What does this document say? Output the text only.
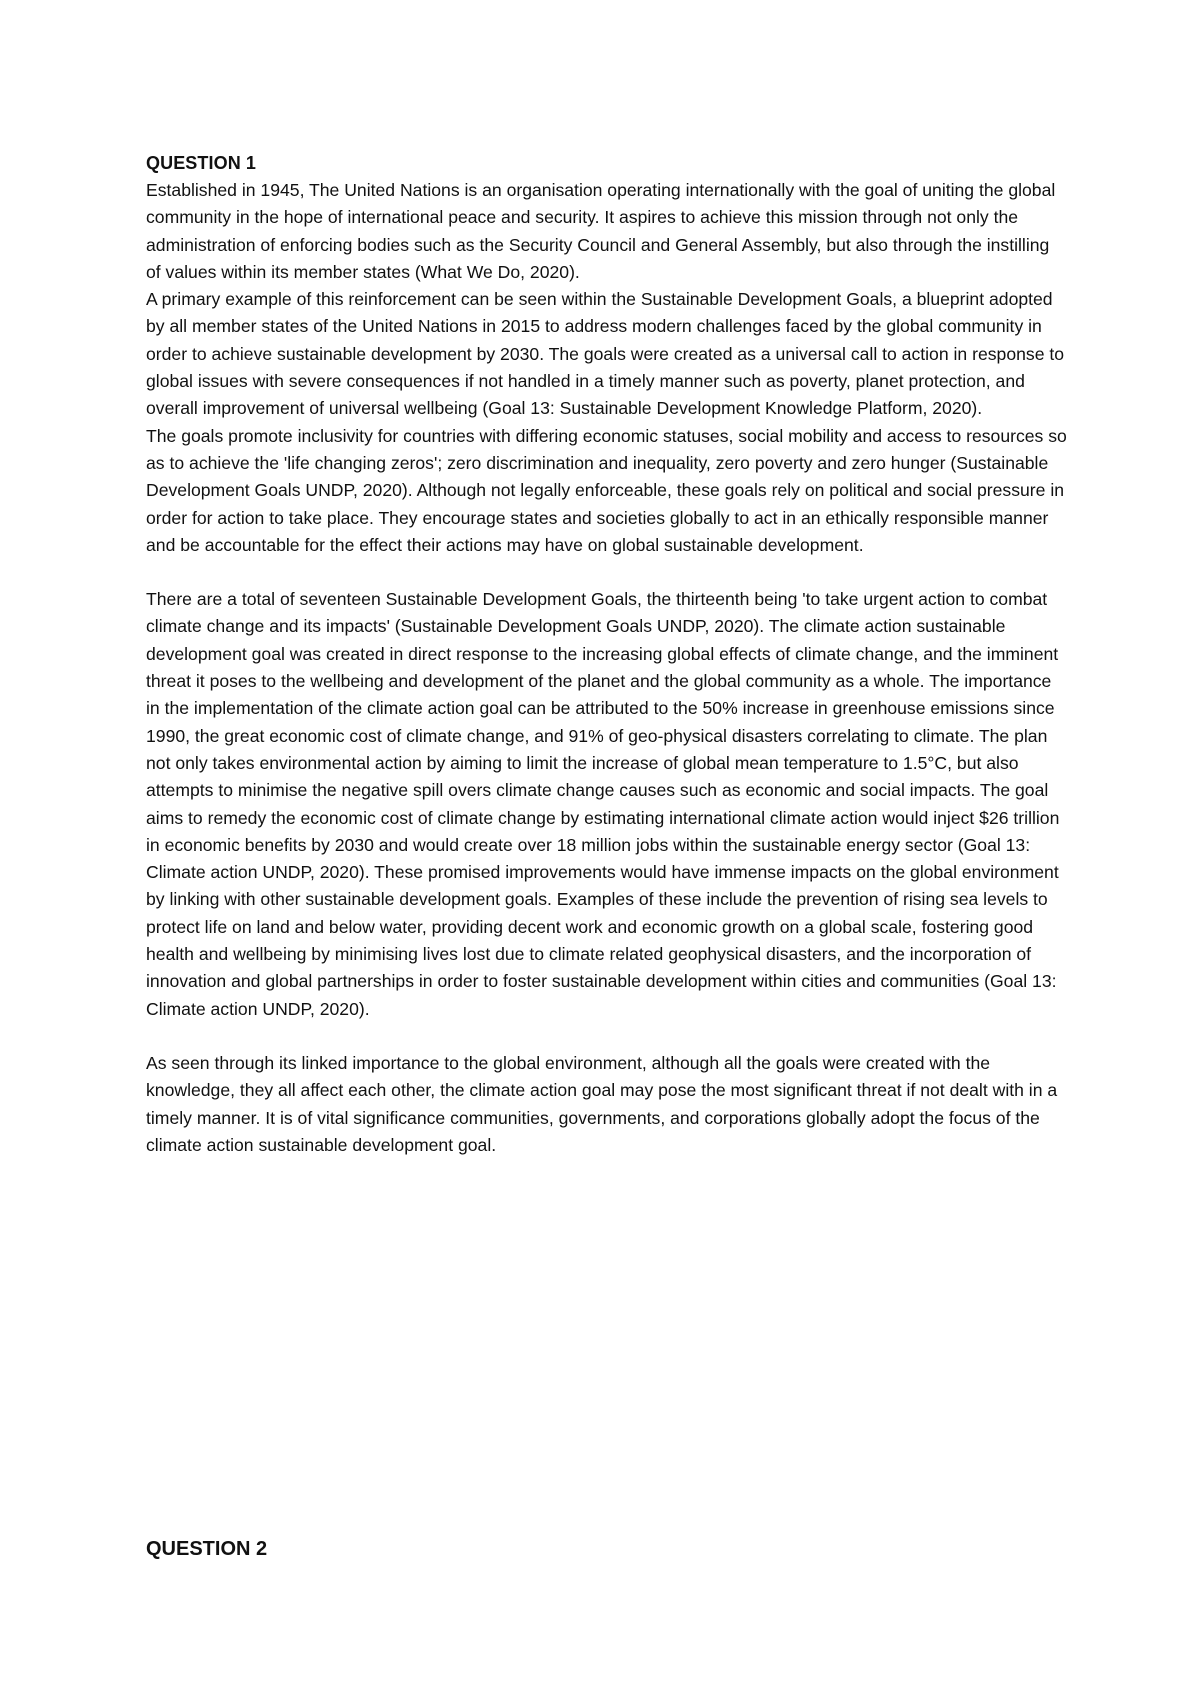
QUESTION 1

Established in 1945, The United Nations is an organisation operating internationally with the goal of uniting the global community in the hope of international peace and security. It aspires to achieve this mission through not only the administration of enforcing bodies such as the Security Council and General Assembly, but also through the instilling of values within its member states (What We Do, 2020).

A primary example of this reinforcement can be seen within the Sustainable Development Goals, a blueprint adopted by all member states of the United Nations in 2015 to address modern challenges faced by the global community in order to achieve sustainable development by 2030. The goals were created as a universal call to action in response to global issues with severe consequences if not handled in a timely manner such as poverty, planet protection, and overall improvement of universal wellbeing (Goal 13: Sustainable Development Knowledge Platform, 2020).

The goals promote inclusivity for countries with differing economic statuses, social mobility and access to resources so as to achieve the 'life changing zeros'; zero discrimination and inequality, zero poverty and zero hunger (Sustainable Development Goals UNDP, 2020). Although not legally enforceable, these goals rely on political and social pressure in order for action to take place. They encourage states and societies globally to act in an ethically responsible manner and be accountable for the effect their actions may have on global sustainable development.

There are a total of seventeen Sustainable Development Goals, the thirteenth being 'to take urgent action to combat climate change and its impacts' (Sustainable Development Goals UNDP, 2020). The climate action sustainable development goal was created in direct response to the increasing global effects of climate change, and the imminent threat it poses to the wellbeing and development of the planet and the global community as a whole. The importance in the implementation of the climate action goal can be attributed to the 50% increase in greenhouse emissions since 1990, the great economic cost of climate change, and 91% of geo-physical disasters correlating to climate. The plan not only takes environmental action by aiming to limit the increase of global mean temperature to 1.5°C, but also attempts to minimise the negative spill overs climate change causes such as economic and social impacts. The goal aims to remedy the economic cost of climate change by estimating international climate action would inject $26 trillion in economic benefits by 2030 and would create over 18 million jobs within the sustainable energy sector (Goal 13: Climate action UNDP, 2020). These promised improvements would have immense impacts on the global environment by linking with other sustainable development goals. Examples of these include the prevention of rising sea levels to protect life on land and below water, providing decent work and economic growth on a global scale, fostering good health and wellbeing by minimising lives lost due to climate related geophysical disasters, and the incorporation of innovation and global partnerships in order to foster sustainable development within cities and communities (Goal 13: Climate action UNDP, 2020).

As seen through its linked importance to the global environment, although all the goals were created with the knowledge, they all affect each other, the climate action goal may pose the most significant threat if not dealt with in a timely manner. It is of vital significance communities, governments, and corporations globally adopt the focus of the climate action sustainable development goal.

QUESTION 2
